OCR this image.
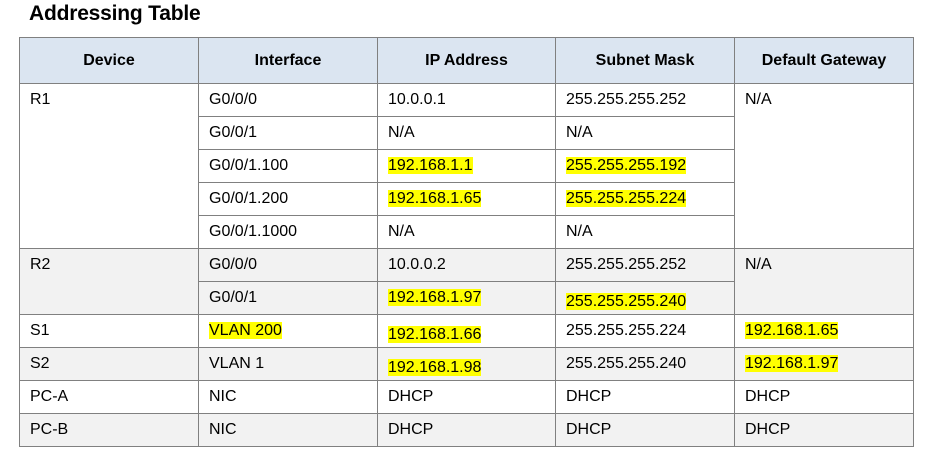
Addressing Table
Device	Interface	IP Address	Subnet Mask	Default Gateway
R1	G0/0/0	10.0.0.1	255.255.255.252	N/A
	G0/0/1	N/A	N/A	
	G0/0/1.100	192.168.1.1	255.255.255.192	
	G0/0/1.200	192.168.1.65	255.255.255.224	
	G0/0/1.1000	N/A	N/A	
R2	G0/0/0	10.0.0.2	255.255.255.252	N/A
	G0/0/1	192.168.1.97	255.255.255.240	
S1	VLAN 200	192.168.1.66	255.255.255.224	192.168.1.65
S2	VLAN 1	192.168.1.98	255.255.255.240	192.168.1.97
PC-A	NIC	DHCP	DHCP	DHCP
PC-B	NIC	DHCP	DHCP	DHCP
